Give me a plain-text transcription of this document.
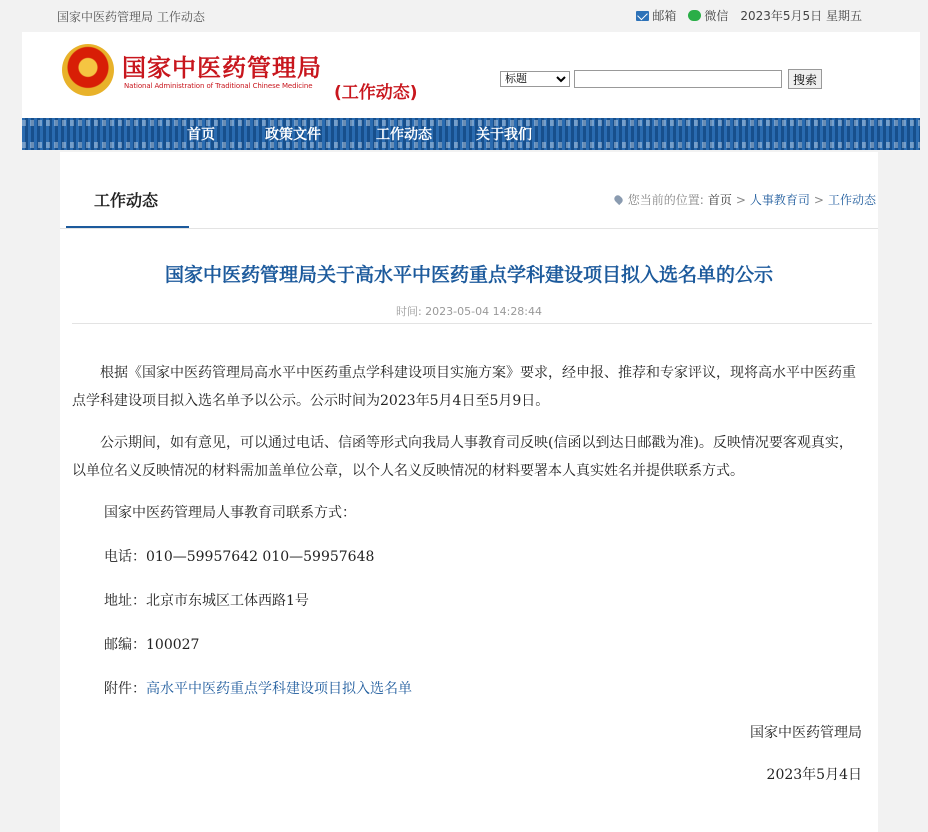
国家中医药管理局 工作动态	邮箱 微信 2023年5月5日 星期五
国家中医药管理局
National Administration of Traditional Chinese Medicine (工作动态)
标题
搜索
首页	政策文件	工作动态	关于我们
工作动态	您当前的位置: 首页 > 人事教育司 > 工作动态
国家中医药管理局关于高水平中医药重点学科建设项目拟入选名单的公示
时间: 2023-05-04 14:28:44

根据《国家中医药管理局高水平中医药重点学科建设项目实施方案》要求，经申报、推荐和专家评议，现将高水平中医药重点学科建设项目拟入选名单予以公示。公示时间为2023年5月4日至5月9日。

公示期间，如有意见，可以通过电话、信函等形式向我局人事教育司反映(信函以到达日邮戳为准)。反映情况要客观真实，以单位名义反映情况的材料需加盖单位公章，以个人名义反映情况的材料要署本人真实姓名并提供联系方式。

国家中医药管理局人事教育司联系方式：
电话：010—59957642 010—59957648
地址：北京市东城区工体西路1号
邮编：100027
附件：高水平中医药重点学科建设项目拟入选名单
国家中医药管理局
2023年5月4日
